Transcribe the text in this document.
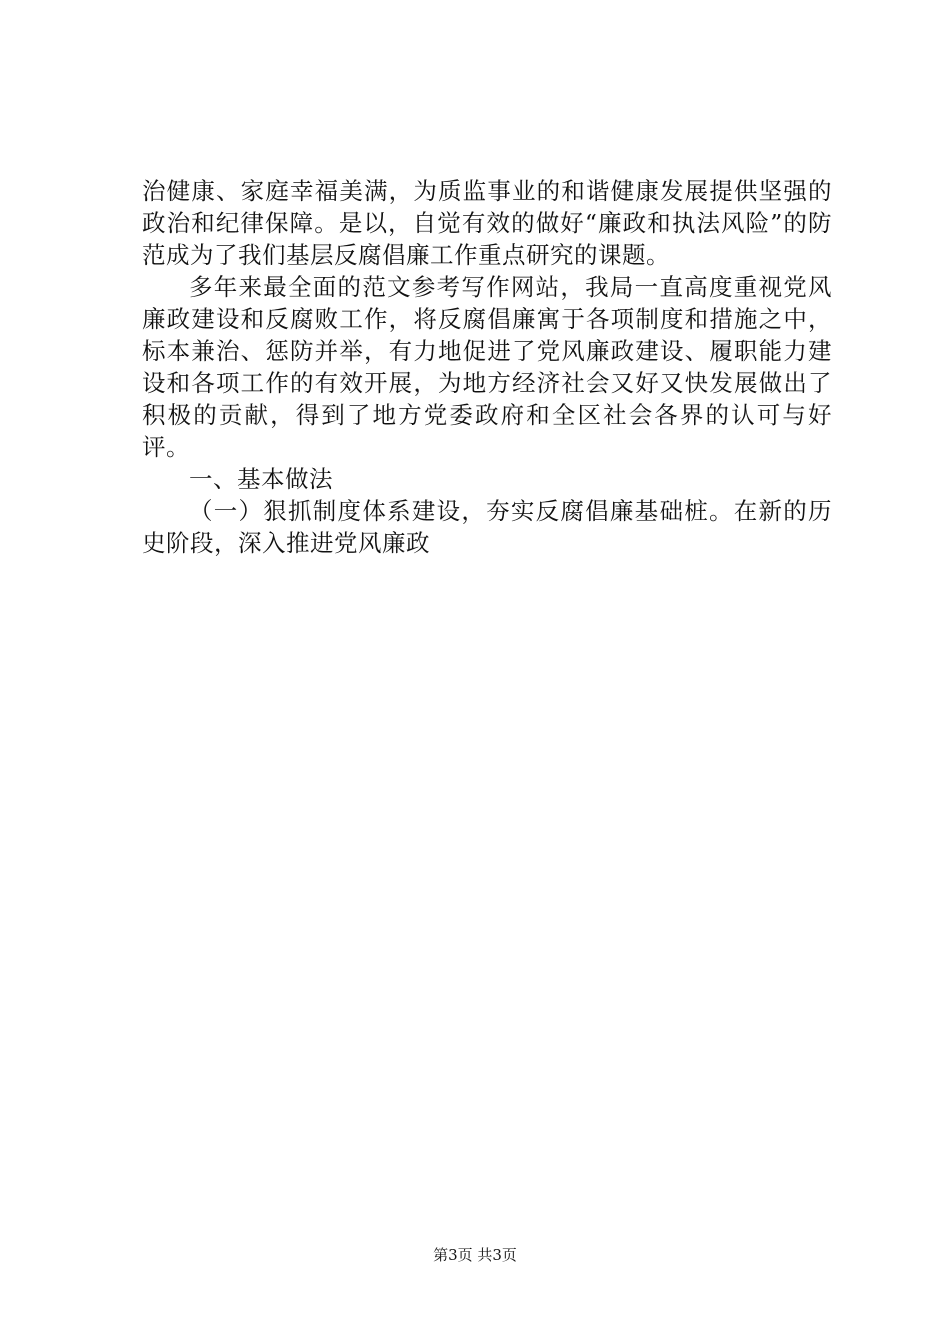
治健康、家庭幸福美满，为质监事业的和谐健康发展提供坚强的政治和纪律保障。是以，自觉有效的做好“廉政和执法风险”的防范成为了我们基层反腐倡廉工作重点研究的课题。

多年来最全面的范文参考写作网站，我局一直高度重视党风廉政建设和反腐败工作，将反腐倡廉寓于各项制度和措施之中，标本兼治、惩防并举，有力地促进了党风廉政建设、履职能力建设和各项工作的有效开展，为地方经济社会又好又快发展做出了积极的贡献，得到了地方党委政府和全区社会各界的认可与好评。

一、基本做法

（一）狠抓制度体系建设，夯实反腐倡廉基础桩。在新的历史阶段，深入推进党风廉政

第3页 共3页
